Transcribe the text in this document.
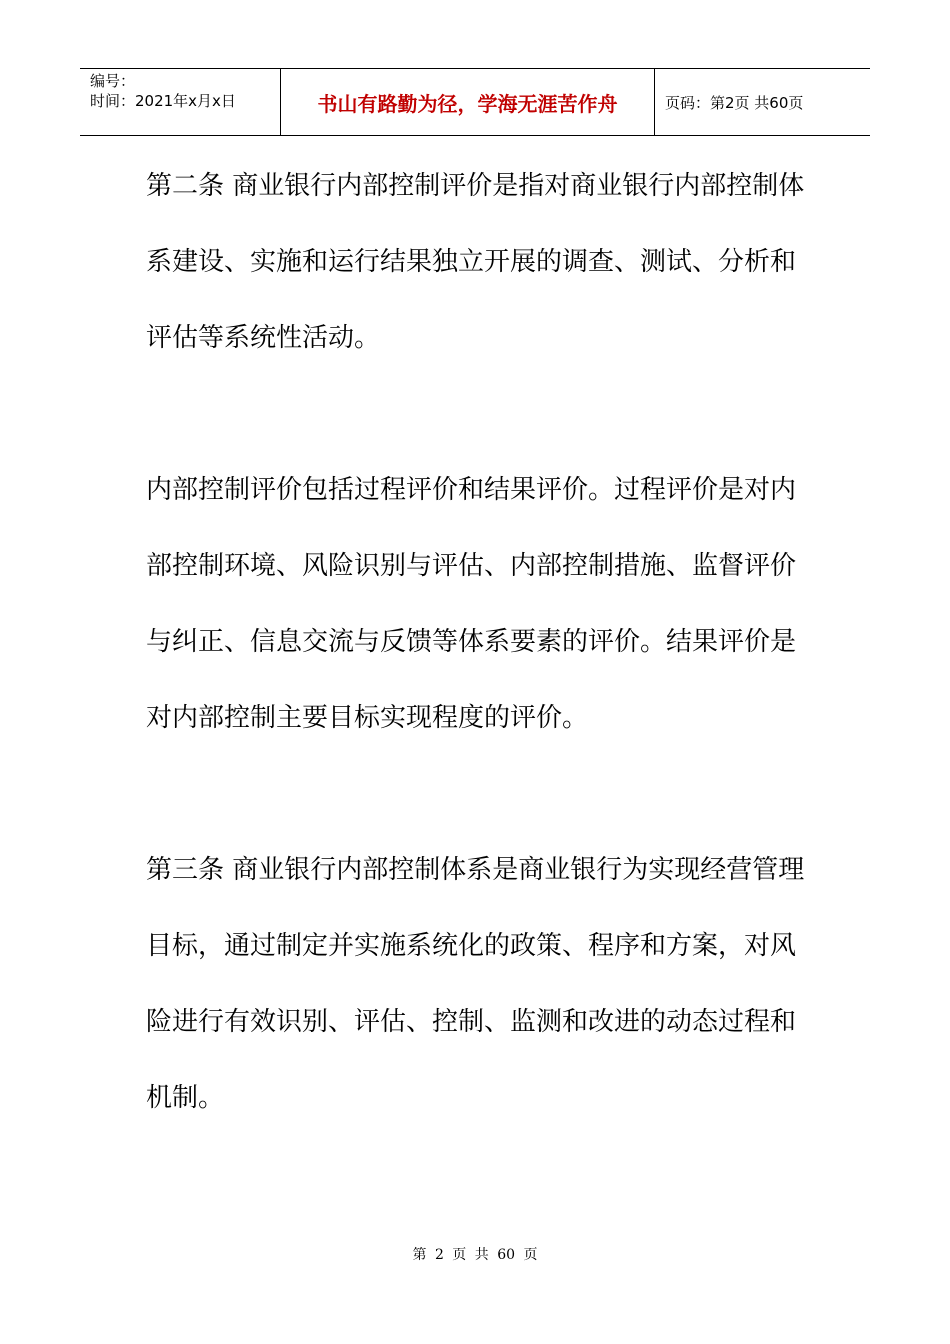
编号：
时间：2021年x月x日	书山有路勤为径，学海无涯苦作舟	页码：第2页 共60页
第二条 商业银行内部控制评价是指对商业银行内部控制体
系建设、实施和运行结果独立开展的调查、测试、分析和
评估等系统性活动。
内部控制评价包括过程评价和结果评价。过程评价是对内
部控制环境、风险识别与评估、内部控制措施、监督评价
与纠正、信息交流与反馈等体系要素的评价。结果评价是
对内部控制主要目标实现程度的评价。
第三条 商业银行内部控制体系是商业银行为实现经营管理
目标，通过制定并实施系统化的政策、程序和方案，对风
险进行有效识别、评估、控制、监测和改进的动态过程和
机制。
第 2 页 共 60 页
